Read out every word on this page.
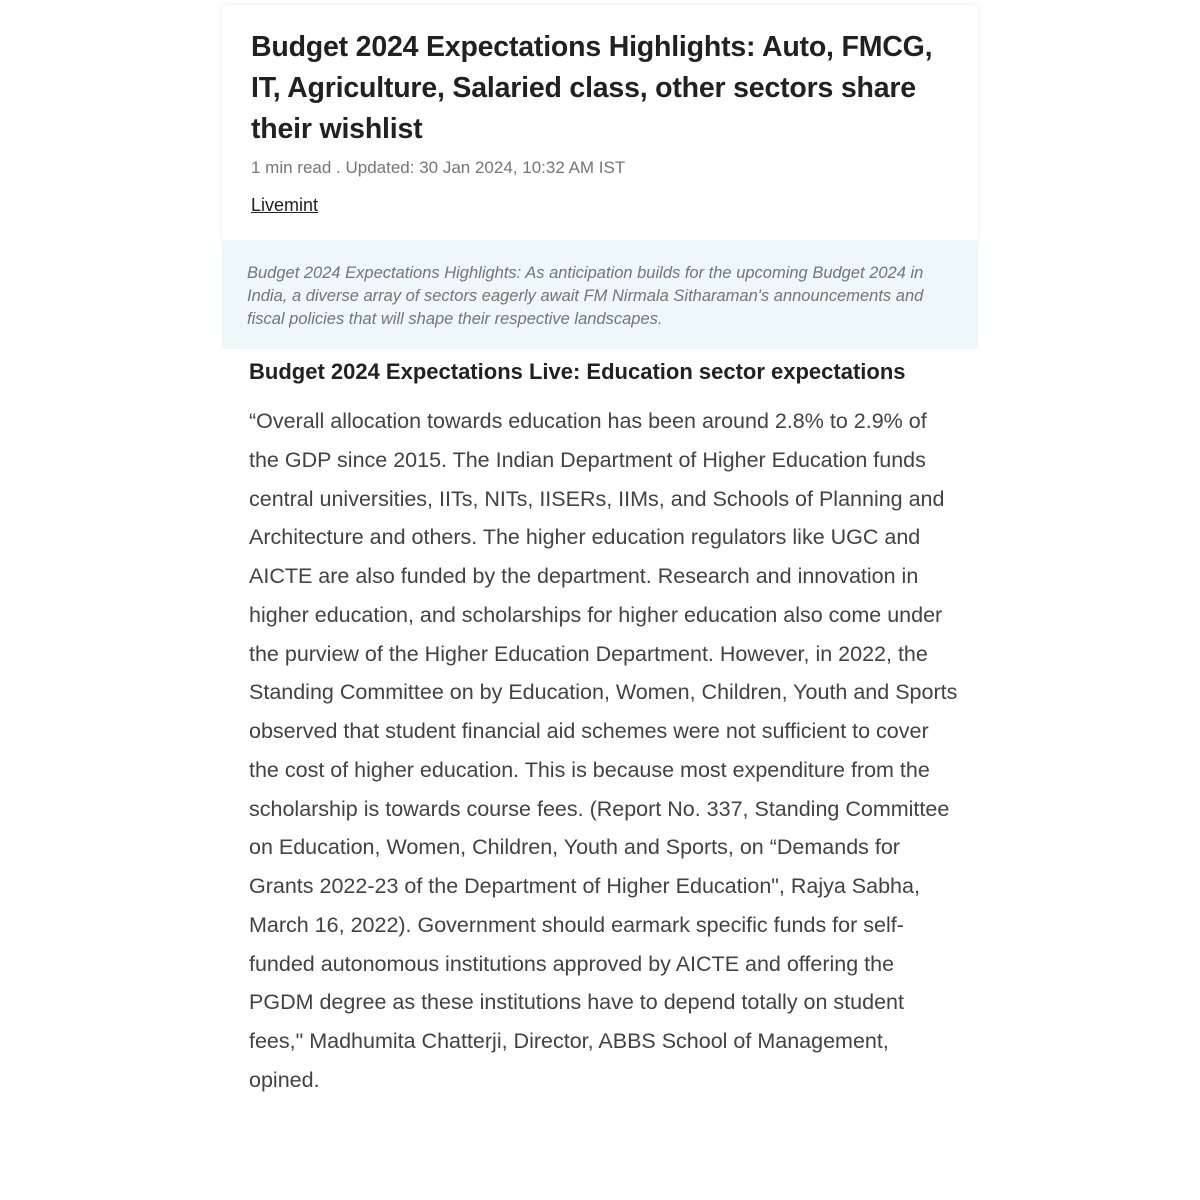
Budget 2024 Expectations Highlights: Auto, FMCG, IT, Agriculture, Salaried class, other sectors share their wishlist
1 min read . Updated: 30 Jan 2024, 10:32 AM IST
Livemint

Budget 2024 Expectations Highlights: As anticipation builds for the upcoming Budget 2024 in India, a diverse array of sectors eagerly await FM Nirmala Sitharaman's announcements and fiscal policies that will shape their respective landscapes.

Budget 2024 Expectations Live: Education sector expectations

“Overall allocation towards education has been around 2.8% to 2.9% of the GDP since 2015. The Indian Department of Higher Education funds central universities, IITs, NITs, IISERs, IIMs, and Schools of Planning and Architecture and others. The higher education regulators like UGC and AICTE are also funded by the department. Research and innovation in higher education, and scholarships for higher education also come under the purview of the Higher Education Department. However, in 2022, the Standing Committee on by Education, Women, Children, Youth and Sports observed that student financial aid schemes were not sufficient to cover the cost of higher education. This is because most expenditure from the scholarship is towards course fees. (Report No. 337, Standing Committee on Education, Women, Children, Youth and Sports, on “Demands for Grants 2022-23 of the Department of Higher Education", Rajya Sabha, March 16, 2022). Government should earmark specific funds for self-funded autonomous institutions approved by AICTE and offering the PGDM degree as these institutions have to depend totally on student fees," Madhumita Chatterji, Director, ABBS School of Management, opined.
